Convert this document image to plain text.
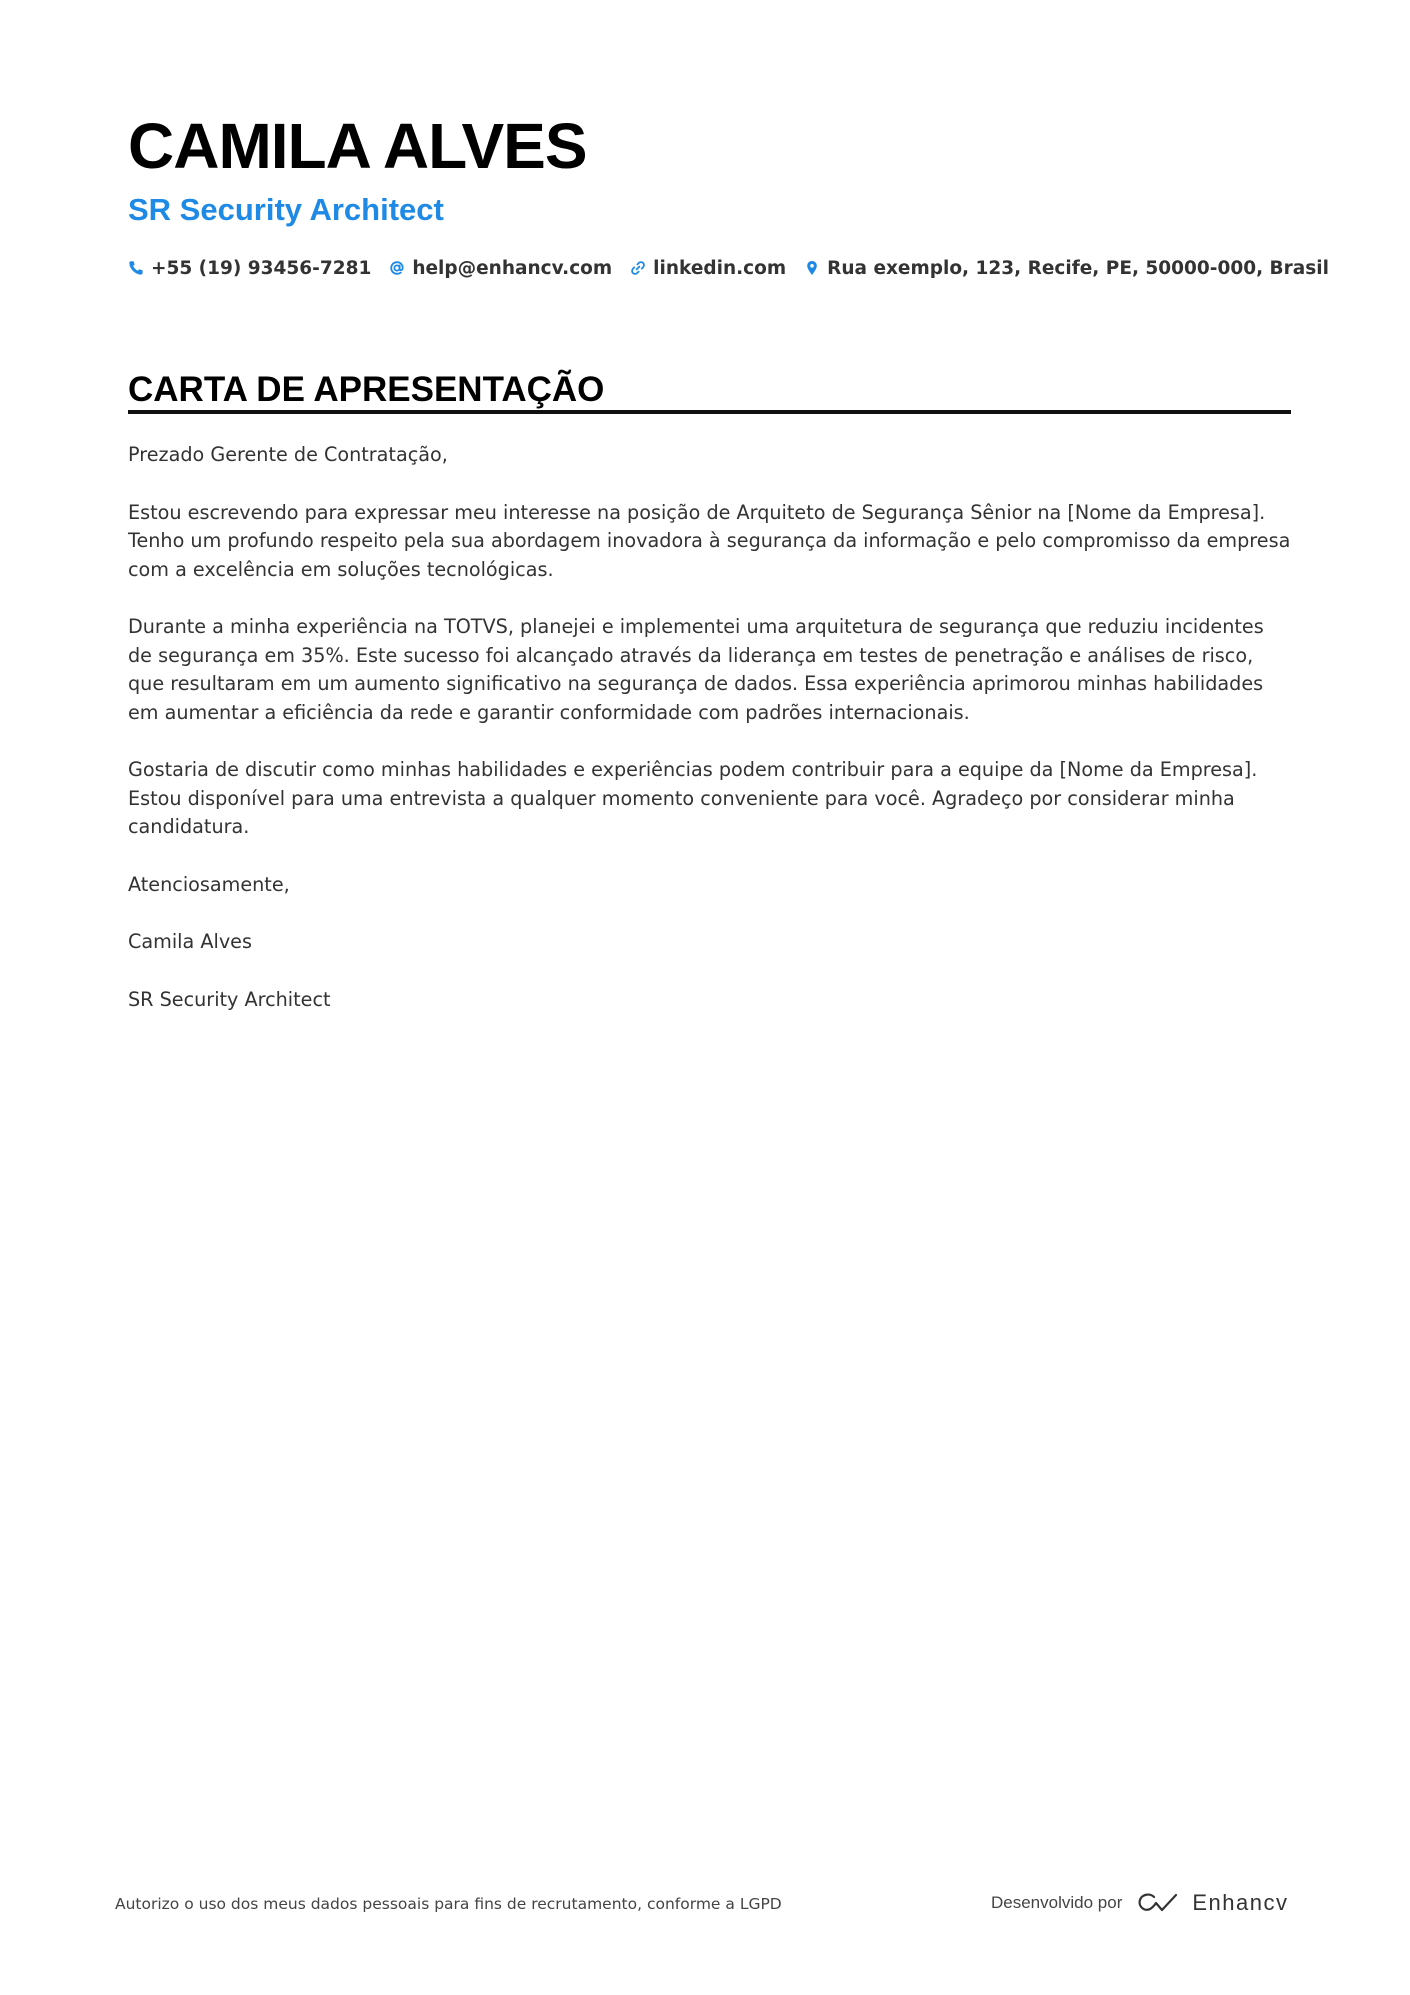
CAMILA ALVES
SR Security Architect
+55 (19) 93456-7281 help@enhancv.com linkedin.com Rua exemplo, 123, Recife, PE, 50000-000, Brasil
CARTA DE APRESENTAÇÃO

Prezado Gerente de Contratação,

Estou escrevendo para expressar meu interesse na posição de Arquiteto de Segurança Sênior na [Nome da Empresa]. Tenho um profundo respeito pela sua abordagem inovadora à segurança da informação e pelo compromisso da empresa com a excelência em soluções tecnológicas.

Durante a minha experiência na TOTVS, planejei e implementei uma arquitetura de segurança que reduziu incidentes de segurança em 35%. Este sucesso foi alcançado através da liderança em testes de penetração e análises de risco, que resultaram em um aumento significativo na segurança de dados. Essa experiência aprimorou minhas habilidades em aumentar a eficiência da rede e garantir conformidade com padrões internacionais.

Gostaria de discutir como minhas habilidades e experiências podem contribuir para a equipe da [Nome da Empresa]. Estou disponível para uma entrevista a qualquer momento conveniente para você. Agradeço por considerar minha candidatura.

Atenciosamente,

Camila Alves

SR Security Architect

Autorizo o uso dos meus dados pessoais para fins de recrutamento, conforme a LGPD	Desenvolvido por	Enhancv
